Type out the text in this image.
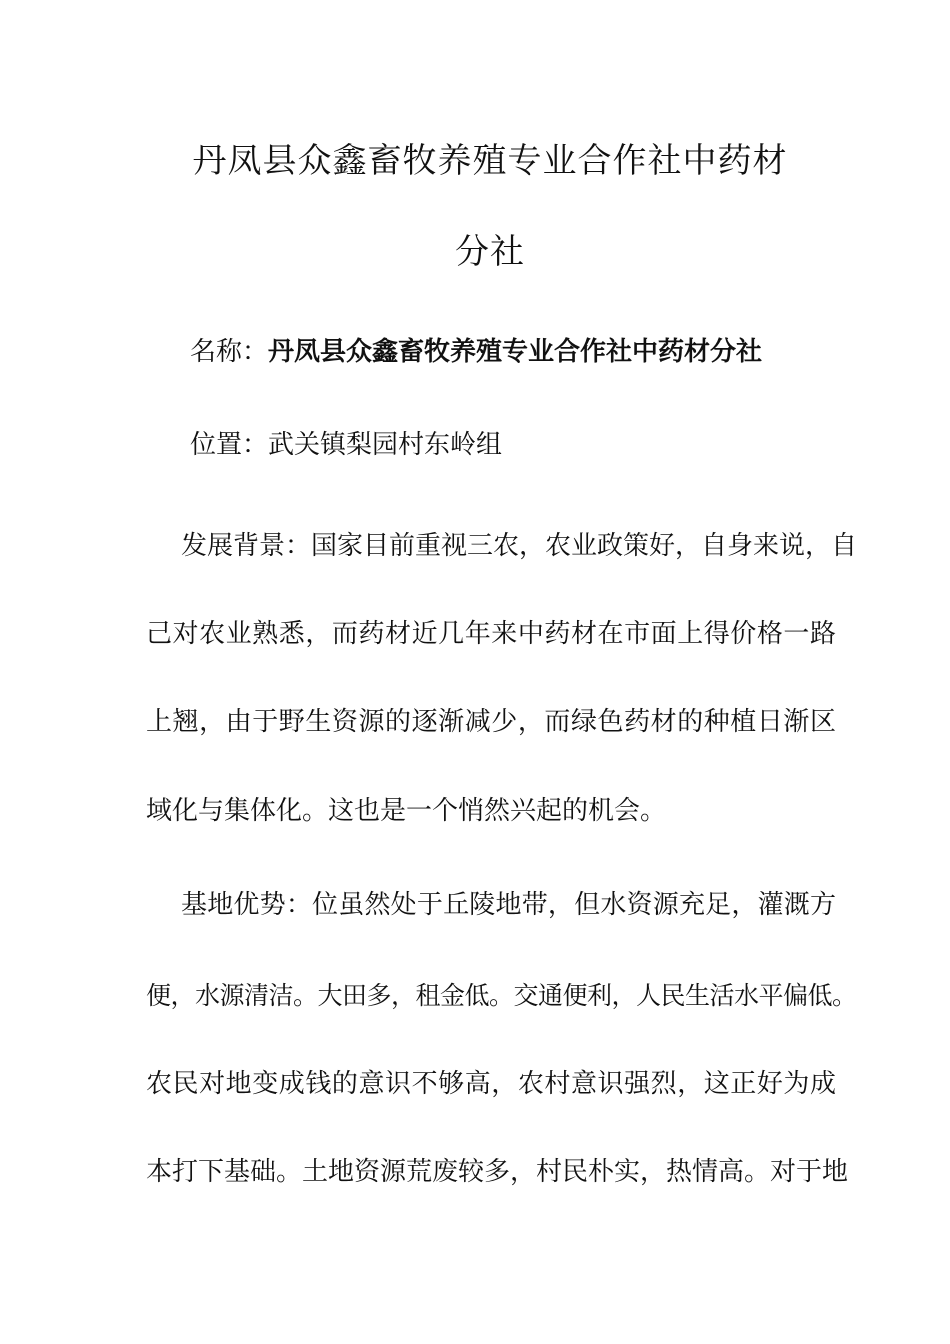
丹凤县众鑫畜牧养殖专业合作社中药材
分社
名称：丹凤县众鑫畜牧养殖专业合作社中药材分社
位置：武关镇梨园村东岭组
发展背景：国家目前重视三农，农业政策好，自身来说，自
己对农业熟悉，而药材近几年来中药材在市面上得价格一路
上翘，由于野生资源的逐渐减少，而绿色药材的种植日渐区
域化与集体化。这也是一个悄然兴起的机会。
基地优势：位虽然处于丘陵地带，但水资源充足，灌溉方
便，水源清洁。大田多，租金低。交通便利，人民生活水平偏低。
农民对地变成钱的意识不够高，农村意识强烈，这正好为成
本打下基础。土地资源荒废较多，村民朴实，热情高。对于地
